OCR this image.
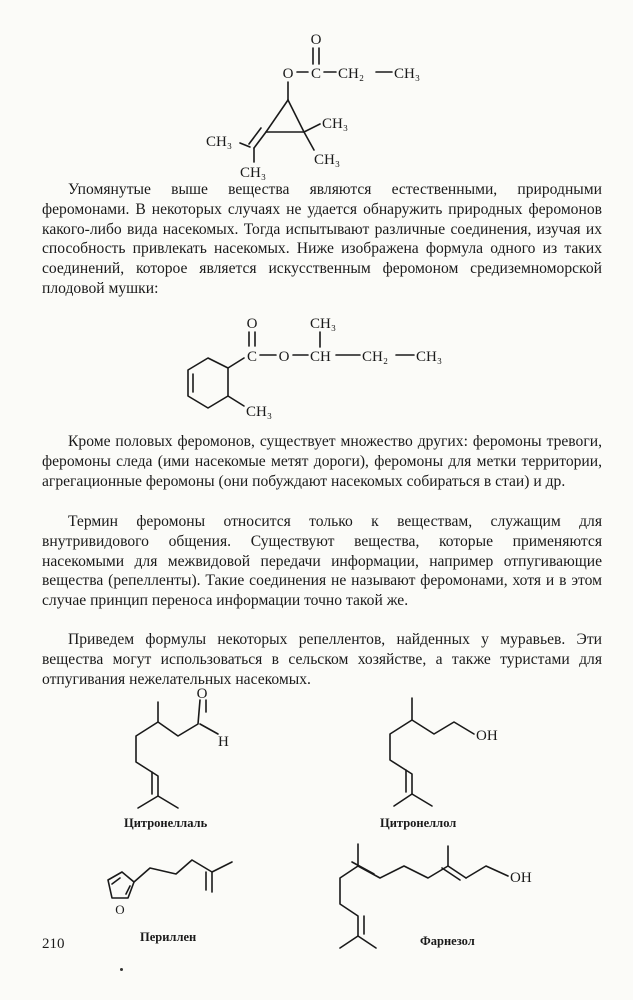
O
O C CH₂ CH₃
CH₃
CH₃
CH₃
CH₃

Упомянутые выше вещества являются естественными, природными феромонами. В некоторых случаях не удается обнаружить природных феромонов какого-либо вида насекомых. Тогда испытывают различные соединения, изучая их способность привлекать насекомых. Ниже изображена формула одного из таких соединений, которое является искусственным феромоном средиземноморской плодовой мушки:

O
C O CH
CH₃
CH₂ CH₃
CH₃

Кроме половых феромонов, существует множество других: феромоны тревоги, феромоны следа (ими насекомые метят дороги), феромоны для метки территории, агрегационные феромоны (они побуждают насекомых собираться в стаи) и др.

Термин феромоны относится только к веществам, служащим для внутривидового общения. Существуют вещества, которые применяются насекомыми для межвидовой передачи информации, например отпугивающие вещества (репелленты). Такие соединения не называют феромонами, хотя и в этом случае принцип переноса информации точно такой же.

Приведем формулы некоторых репеллентов, найденных у муравьев. Эти вещества могут использоваться в сельском хозяйстве, а также туристами для отпугивания нежелательных насекомых.

O
H
Цитронеллаль
OH
Цитронеллол
O
Периллен
OH
Фарнезол
210
